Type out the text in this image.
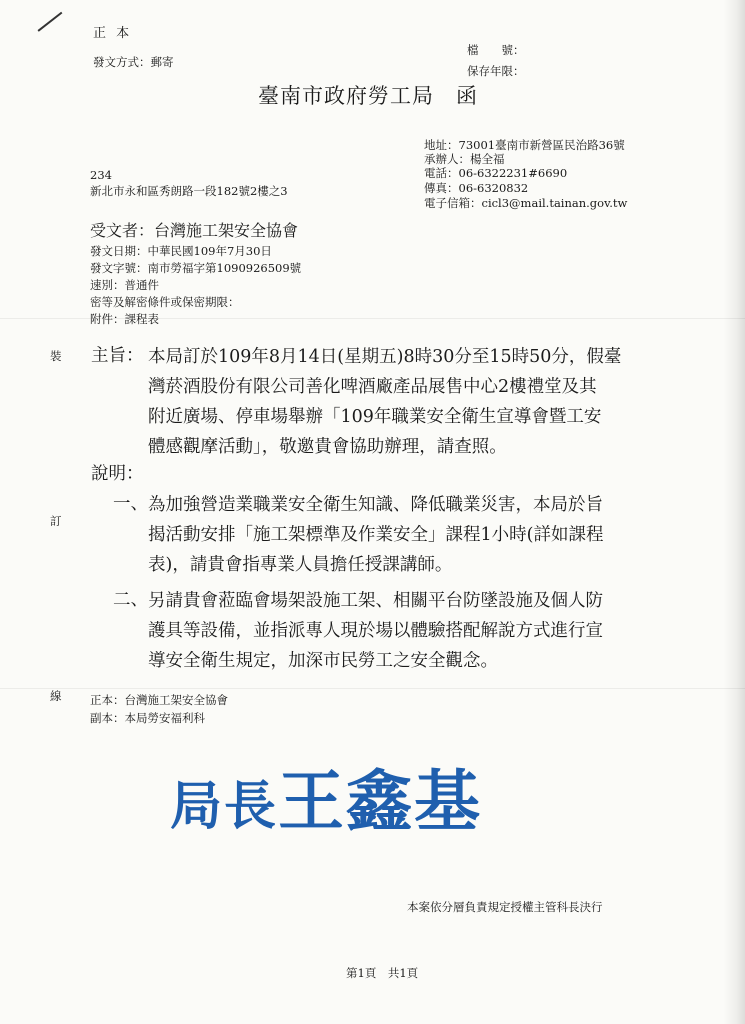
正 本
發文方式：郵寄
檔　　號：
保存年限：
臺南市政府勞工局　函
地址：73001臺南市新營區民治路36號
承辦人：楊全福
電話：06-6322231#6690
傳真：06-6320832
電子信箱：cicl3@mail.tainan.gov.tw
234
新北市永和區秀朗路一段182號2樓之3
受文者：台灣施工架安全協會
發文日期：中華民國109年7月30日
發文字號：南市勞福字第1090926509號
速別：普通件
密等及解密條件或保密期限：
附件：課程表
裝
訂
線
主旨： 本局訂於109年8月14日(星期五)8時30分至15時50分，假臺
灣菸酒股份有限公司善化啤酒廠產品展售中心2樓禮堂及其
附近廣場、停車場舉辦「109年職業安全衛生宣導會暨工安
體感觀摩活動」，敬邀貴會協助辦理，請查照。
說明：
一、 為加強營造業職業安全衛生知識、降低職業災害，本局於旨
揭活動安排「施工架標準及作業安全」課程1小時(詳如課程
表)，請貴會指專業人員擔任授課講師。
二、 另請貴會蒞臨會場架設施工架、相關平台防墜設施及個人防
護具等設備，並指派專人現於場以體驗搭配解說方式進行宣
導安全衛生規定，加深市民勞工之安全觀念。
正本：台灣施工架安全協會
副本：本局勞安福利科
局長王鑫基
本案依分層負責規定授權主管科長決行
第1頁　共1頁
